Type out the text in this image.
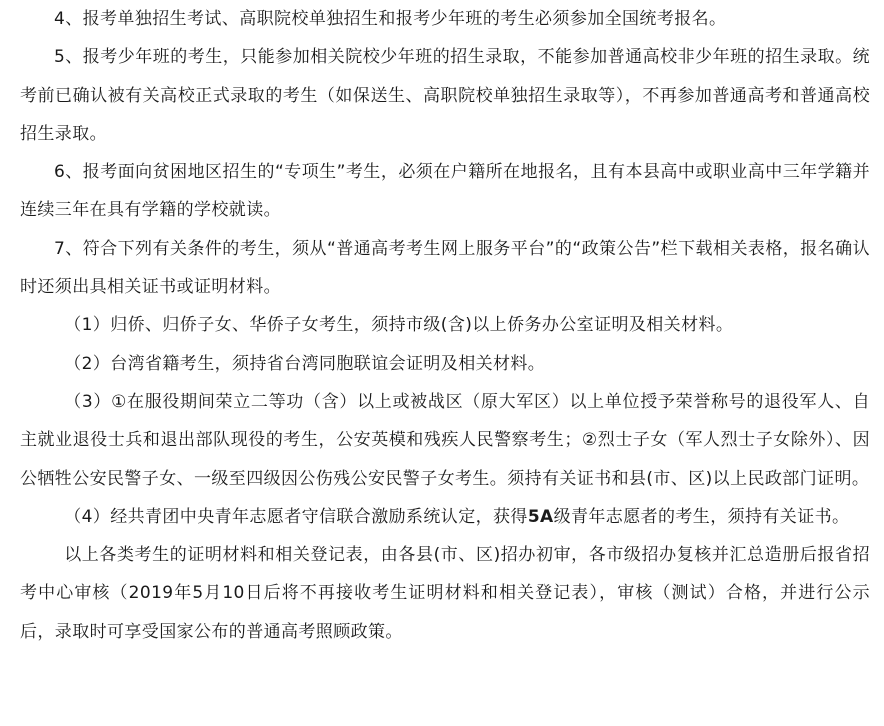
4、报考单独招生考试、高职院校单独招生和报考少年班的考生必须参加全国统考报名。

5、报考少年班的考生，只能参加相关院校少年班的招生录取，不能参加普通高校非少年班的招生录取。统考前已确认被有关高校正式录取的考生（如保送生、高职院校单独招生录取等），不再参加普通高考和普通高校招生录取。

6、报考面向贫困地区招生的“专项生”考生，必须在户籍所在地报名，且有本县高中或职业高中三年学籍并连续三年在具有学籍的学校就读。

7、符合下列有关条件的考生，须从“普通高考考生网上服务平台”的“政策公告”栏下载相关表格，报名确认时还须出具相关证书或证明材料。

（1）归侨、归侨子女、华侨子女考生，须持市级(含)以上侨务办公室证明及相关材料。

（2）台湾省籍考生，须持省台湾同胞联谊会证明及相关材料。

（3）①在服役期间荣立二等功（含）以上或被战区（原大军区）以上单位授予荣誉称号的退役军人、自主就业退役士兵和退出部队现役的考生，公安英模和残疾人民警察考生；②烈士子女（军人烈士子女除外）、因公牺牲公安民警子女、一级至四级因公伤残公安民警子女考生。须持有关证书和县(市、区)以上民政部门证明。

（4）经共青团中央青年志愿者守信联合激励系统认定，获得5A级青年志愿者的考生，须持有关证书。

以上各类考生的证明材料和相关登记表，由各县(市、区)招办初审，各市级招办复核并汇总造册后报省招考中心审核（2019年5月10日后将不再接收考生证明材料和相关登记表），审核（测试）合格，并进行公示后，录取时可享受国家公布的普通高考照顾政策。
